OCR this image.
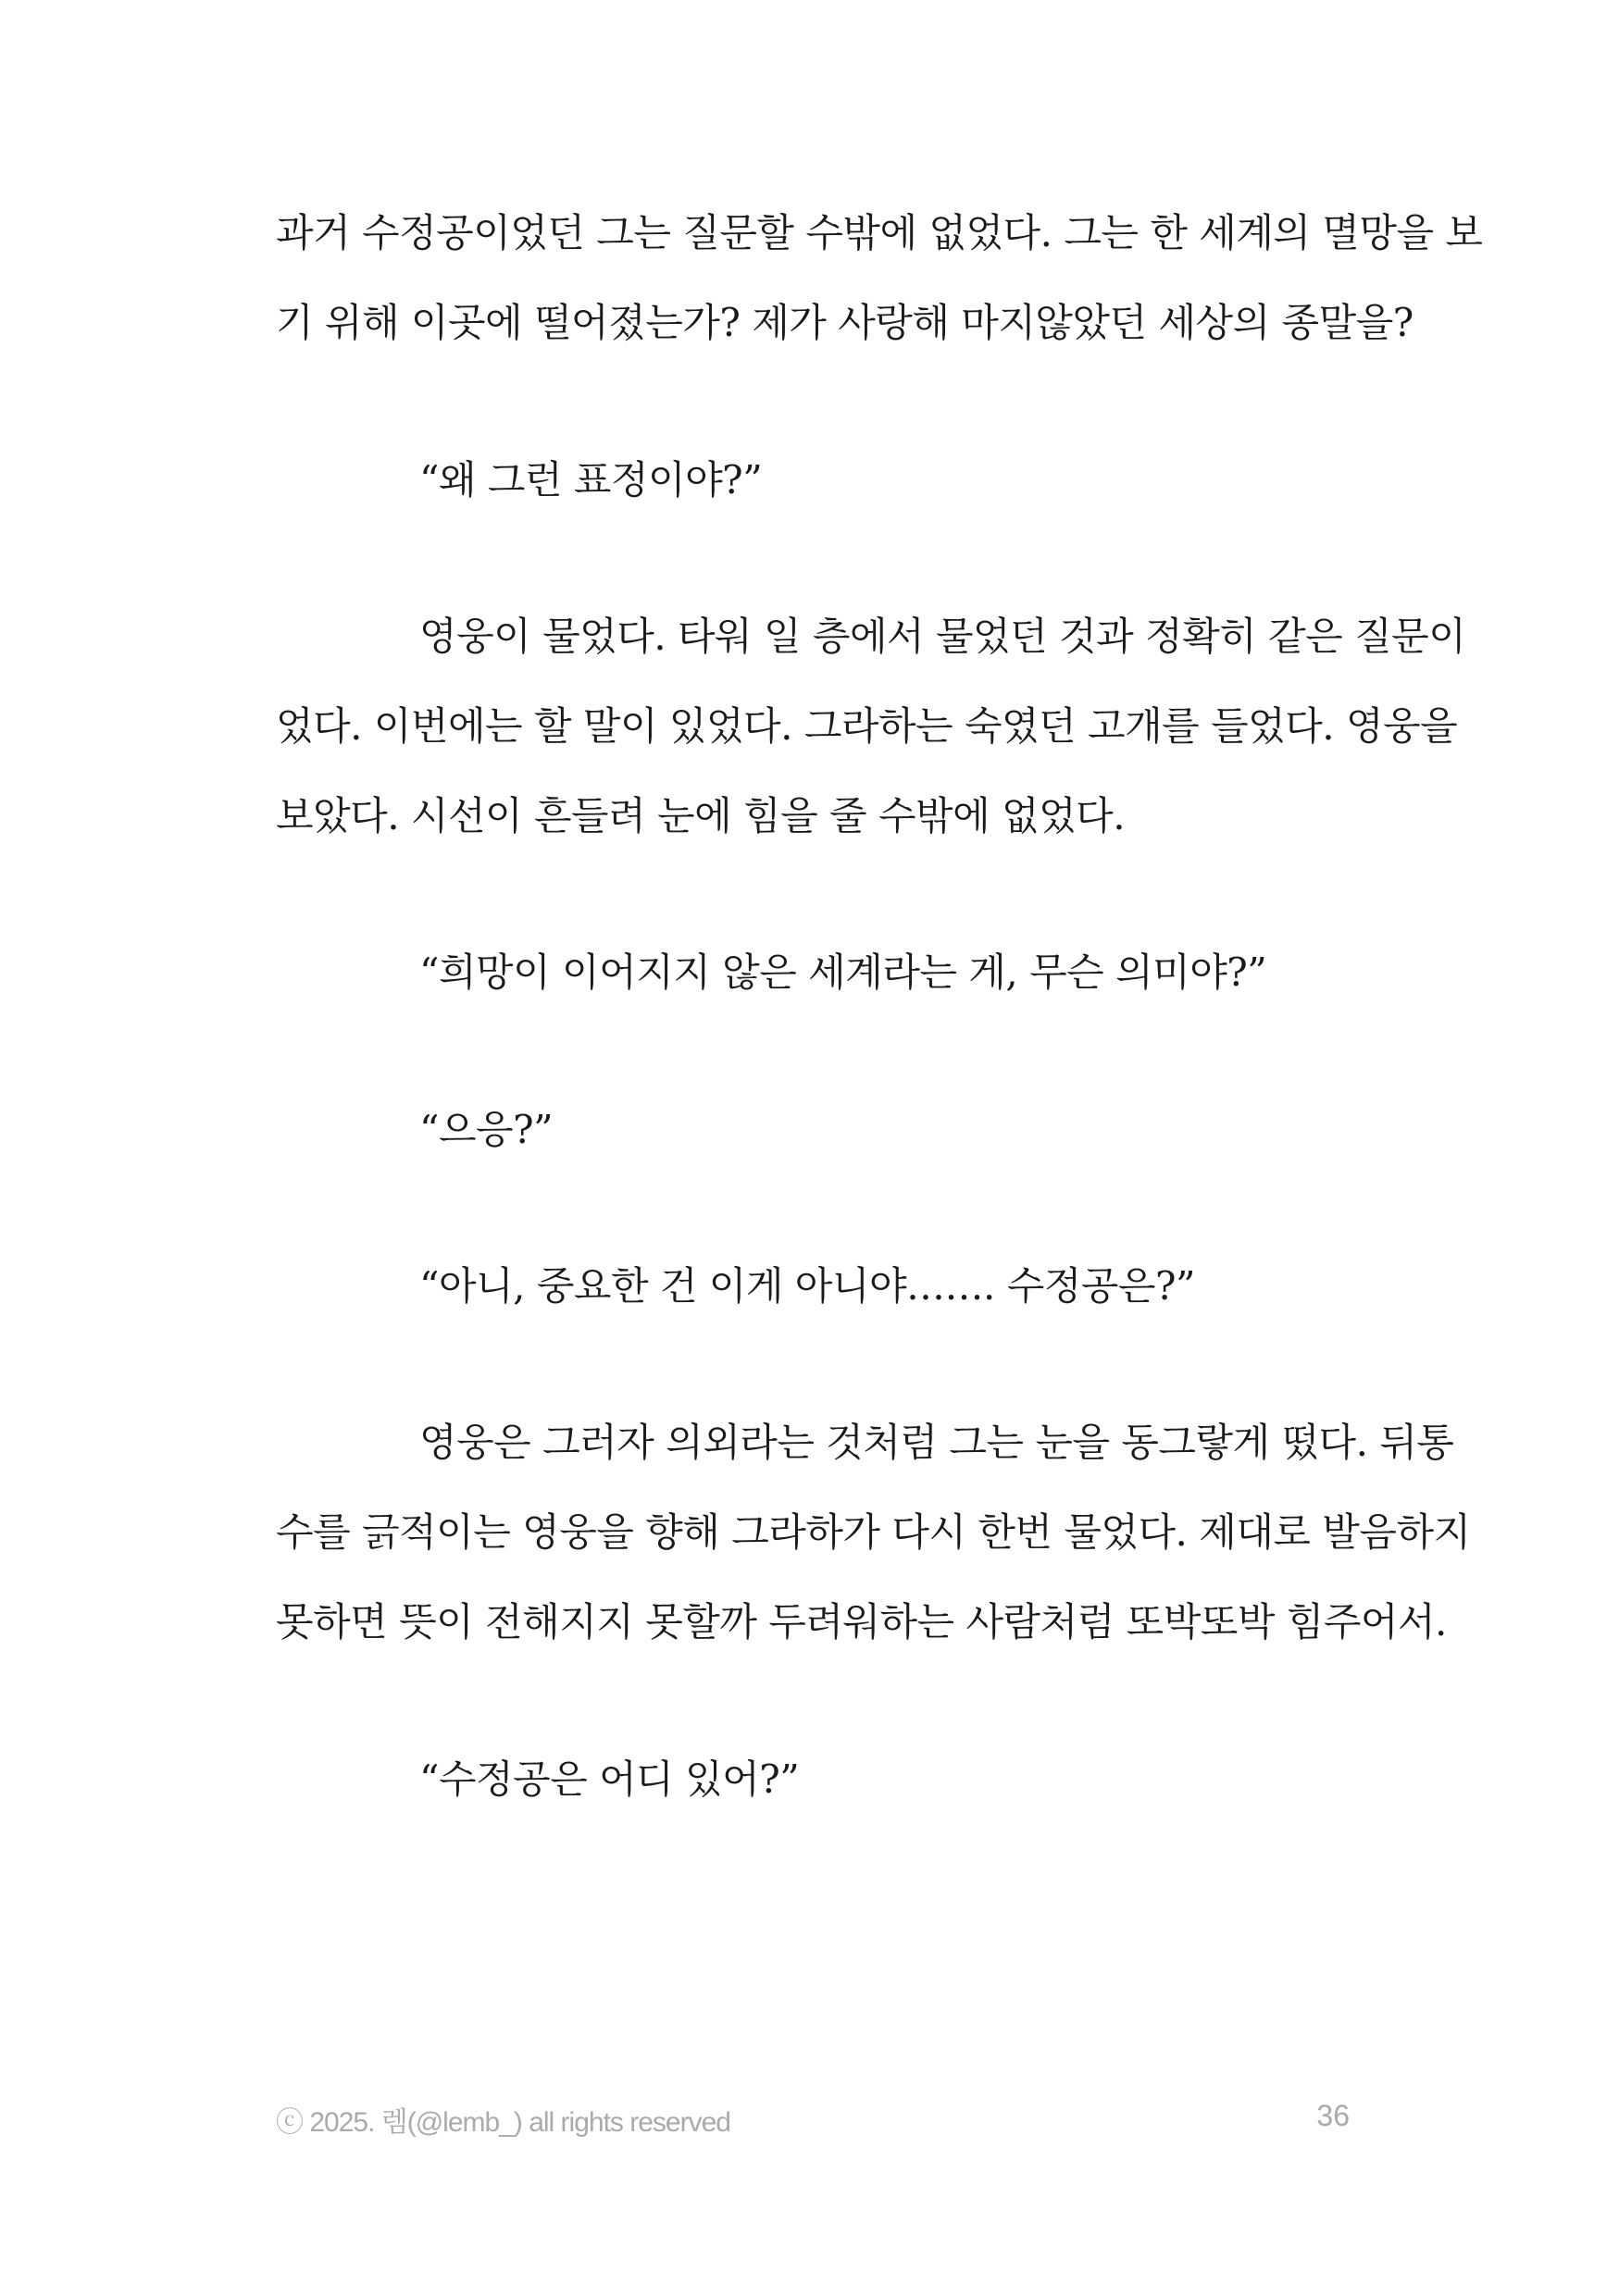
과거 수정공이었던 그는 질문할 수밖에 없었다. 그는 한 세계의 멸망을 보
기 위해 이곳에 떨어졌는가? 제가 사랑해 마지않았던 세상의 종말을?
“왜 그런 표정이야?”
영웅이 물었다. 타워 일 층에서 물었던 것과 정확히 같은 질문이
었다. 이번에는 할 말이 있었다. 그라하는 숙였던 고개를 들었다. 영웅을
보았다. 시선이 흔들려 눈에 힘을 줄 수밖에 없었다.
“희망이 이어지지 않은 세계라는 게, 무슨 의미야?”
“으응?”
“아니, 중요한 건 이게 아니야……. 수정공은?”
영웅은 그러자 의외라는 것처럼 그는 눈을 동그랗게 떴다. 뒤통
수를 긁적이는 영웅을 향해 그라하가 다시 한번 물었다. 제대로 발음하지
못하면 뜻이 전해지지 못할까 두려워하는 사람처럼 또박또박 힘주어서.
“수정공은 어디 있어?”
ⓒ 2025. 렘(@lemb_) all rights reserved	36
